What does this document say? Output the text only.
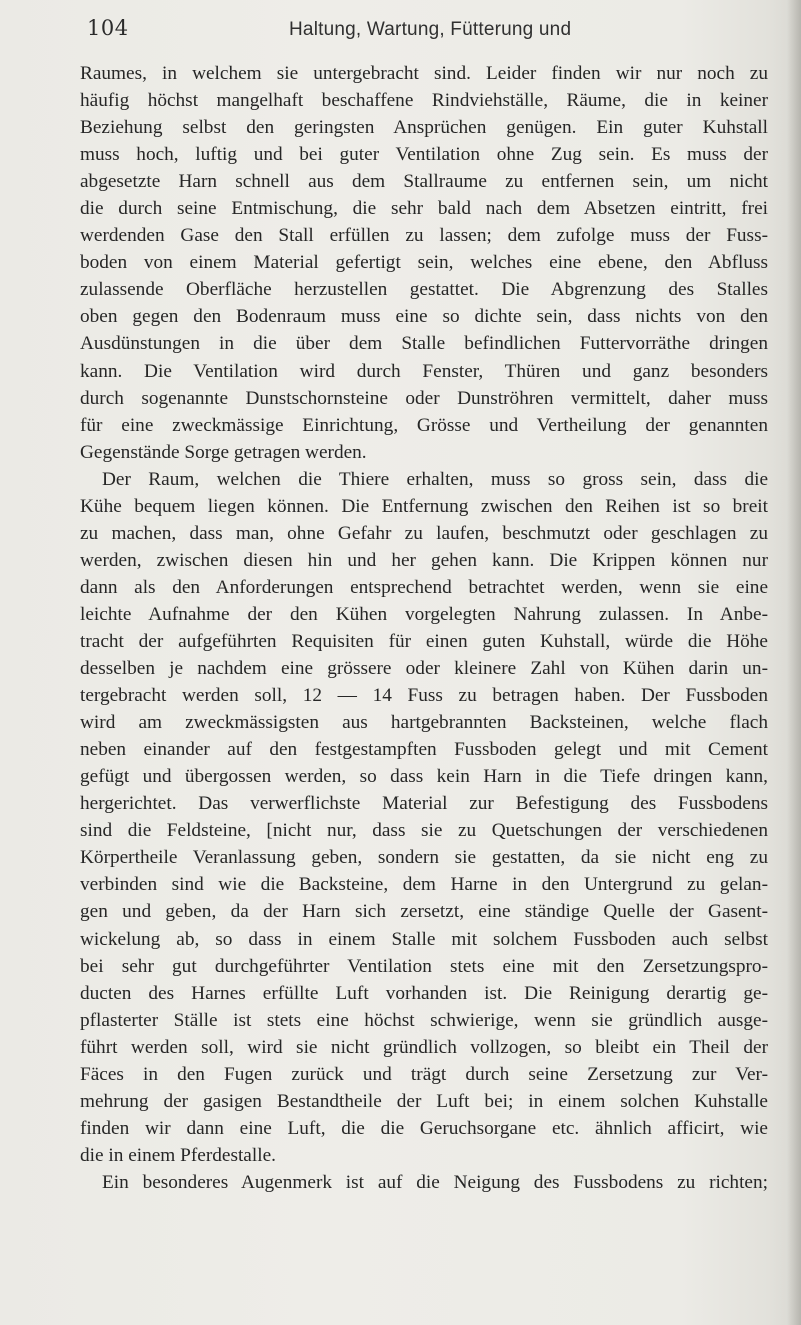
104	Haltung, Wartung, Fütterung und
Raumes, in welchem sie untergebracht sind. Leider finden wir nur noch zu
häufig höchst mangelhaft beschaffene Rindviehställe, Räume, die in keiner
Beziehung selbst den geringsten Ansprüchen genügen. Ein guter Kuhstall
muss hoch, luftig und bei guter Ventilation ohne Zug sein. Es muss der
abgesetzte Harn schnell aus dem Stallraume zu entfernen sein, um nicht
die durch seine Entmischung, die sehr bald nach dem Absetzen eintritt, frei
werdenden Gase den Stall erfüllen zu lassen; dem zufolge muss der Fuss-
boden von einem Material gefertigt sein, welches eine ebene, den Abfluss
zulassende Oberfläche herzustellen gestattet. Die Abgrenzung des Stalles
oben gegen den Bodenraum muss eine so dichte sein, dass nichts von den
Ausdünstungen in die über dem Stalle befindlichen Futtervorräthe dringen
kann. Die Ventilation wird durch Fenster, Thüren und ganz besonders
durch sogenannte Dunstschornsteine oder Dunströhren vermittelt, daher muss
für eine zweckmässige Einrichtung, Grösse und Vertheilung der genannten
Gegenstände Sorge getragen werden.
Der Raum, welchen die Thiere erhalten, muss so gross sein, dass die
Kühe bequem liegen können. Die Entfernung zwischen den Reihen ist so breit
zu machen, dass man, ohne Gefahr zu laufen, beschmutzt oder geschlagen zu
werden, zwischen diesen hin und her gehen kann. Die Krippen können nur
dann als den Anforderungen entsprechend betrachtet werden, wenn sie eine
leichte Aufnahme der den Kühen vorgelegten Nahrung zulassen. In Anbe-
tracht der aufgeführten Requisiten für einen guten Kuhstall, würde die Höhe
desselben je nachdem eine grössere oder kleinere Zahl von Kühen darin un-
tergebracht werden soll, 12 — 14 Fuss zu betragen haben. Der Fussboden
wird am zweckmässigsten aus hartgebrannten Backsteinen, welche flach
neben einander auf den festgestampften Fussboden gelegt und mit Cement
gefügt und übergossen werden, so dass kein Harn in die Tiefe dringen kann,
hergerichtet. Das verwerflichste Material zur Befestigung des Fussbodens
sind die Feldsteine, [nicht nur, dass sie zu Quetschungen der verschiedenen
Körpertheile Veranlassung geben, sondern sie gestatten, da sie nicht eng zu
verbinden sind wie die Backsteine, dem Harne in den Untergrund zu gelan-
gen und geben, da der Harn sich zersetzt, eine ständige Quelle der Gasent-
wickelung ab, so dass in einem Stalle mit solchem Fussboden auch selbst
bei sehr gut durchgeführter Ventilation stets eine mit den Zersetzungspro-
ducten des Harnes erfüllte Luft vorhanden ist. Die Reinigung derartig ge-
pflasterter Ställe ist stets eine höchst schwierige, wenn sie gründlich ausge-
führt werden soll, wird sie nicht gründlich vollzogen, so bleibt ein Theil der
Fäces in den Fugen zurück und trägt durch seine Zersetzung zur Ver-
mehrung der gasigen Bestandtheile der Luft bei; in einem solchen Kuhstalle
finden wir dann eine Luft, die die Geruchsorgane etc. ähnlich afficirt, wie
die in einem Pferdestalle.
Ein besonderes Augenmerk ist auf die Neigung des Fussbodens zu richten;
